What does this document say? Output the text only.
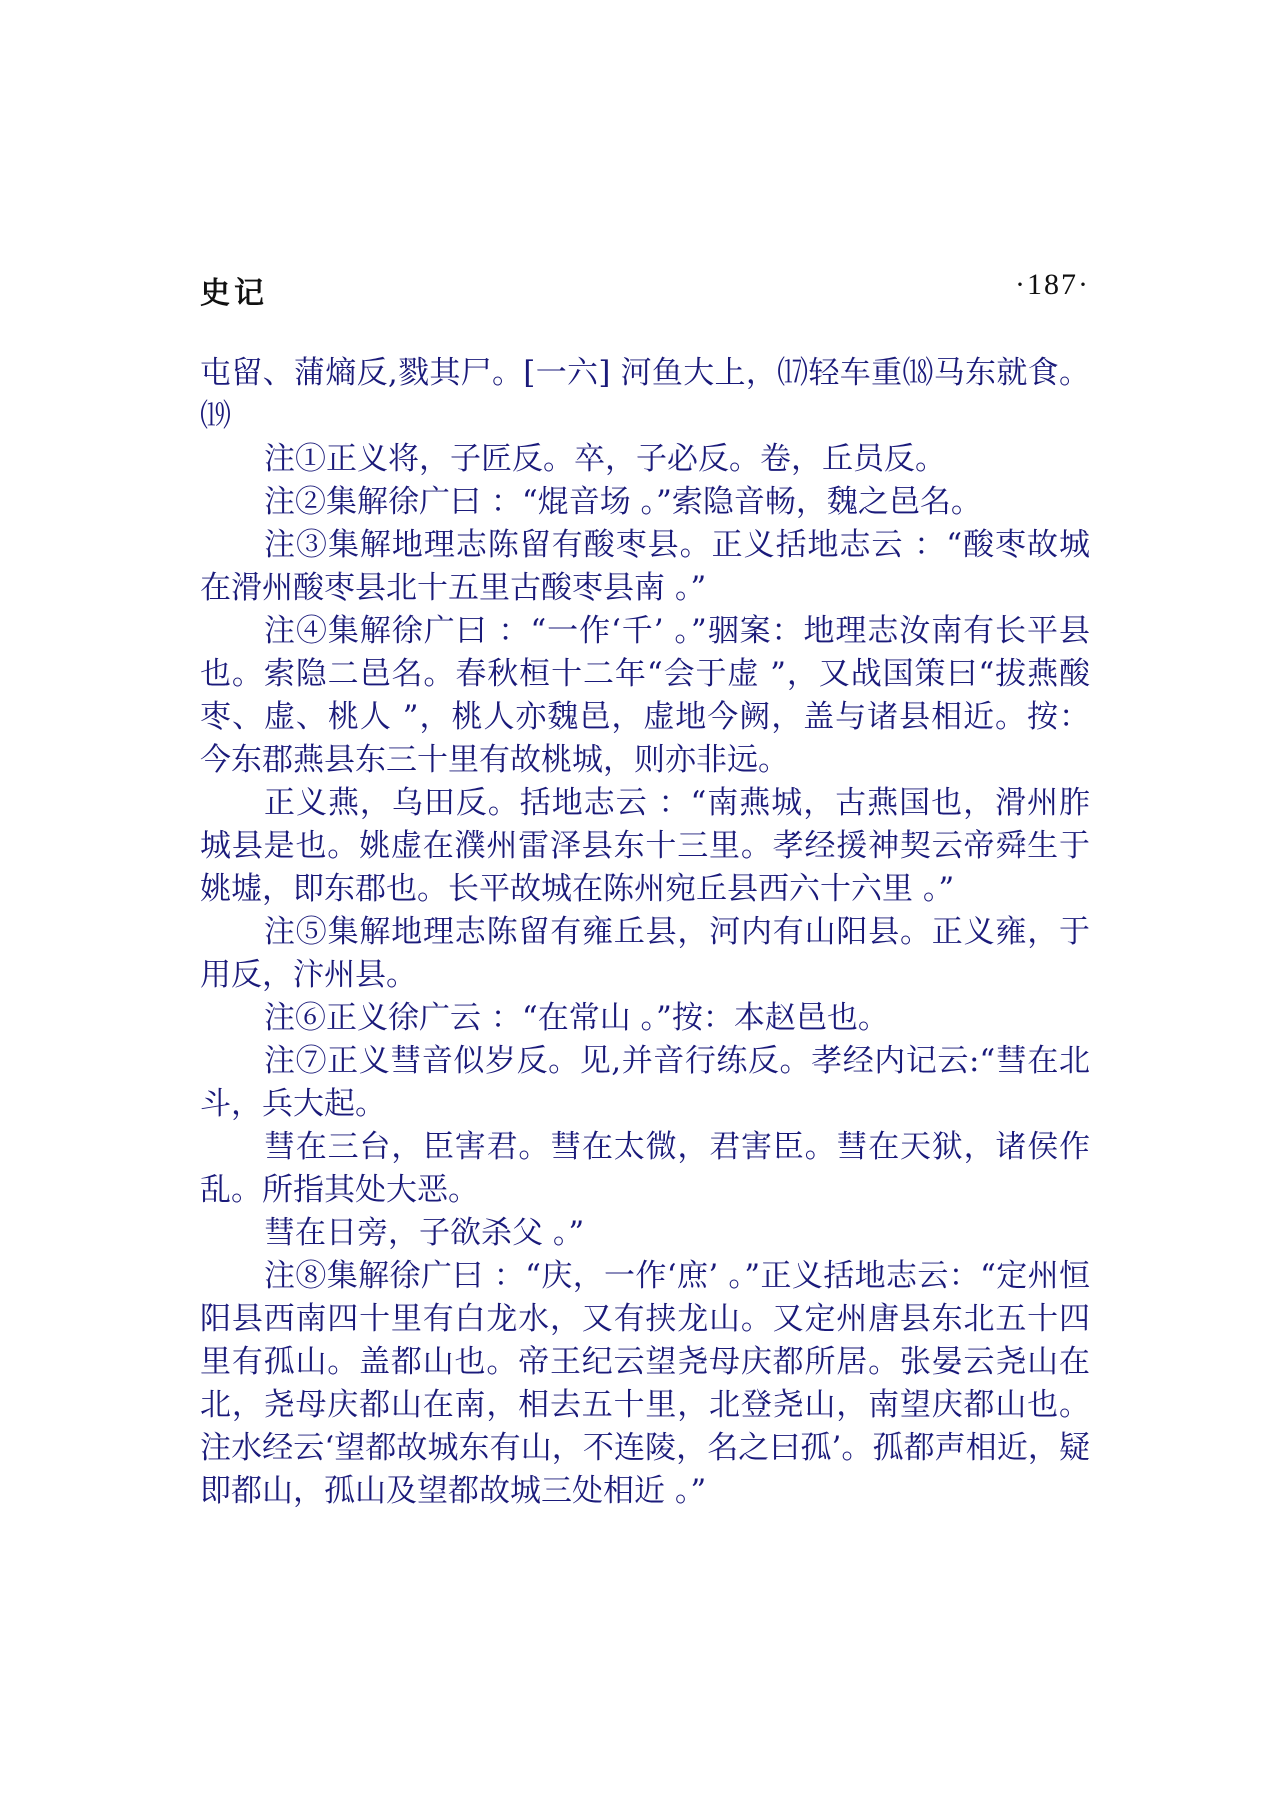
史记	·187·

屯留、蒲熵反,戮其尸。[一六] 河鱼大上，⒄轻车重⒅马东就食。⒆

注①正义将，子匠反。卒，子必反。卷，丘员反。

注②集解徐广曰 ：“焜音场 。”索隐音畅，魏之邑名。

注③集解地理志陈留有酸枣县。正义括地志云 ：“酸枣故城在滑州酸枣县北十五里古酸枣县南 。”

注④集解徐广曰 ：“一作‘千’ 。”骃案：地理志汝南有长平县也。索隐二邑名。春秋桓十二年“会于虚 ”，又战国策曰“拔燕酸枣、虚、桃人 ”，桃人亦魏邑，虚地今阙，盖与诸县相近。按：今东郡燕县东三十里有故桃城，则亦非远。

正义燕，乌田反。括地志云 ：“南燕城，古燕国也，滑州胙城县是也。姚虚在濮州雷泽县东十三里。孝经援神契云帝舜生于姚墟，即东郡也。长平故城在陈州宛丘县西六十六里 。”

注⑤集解地理志陈留有雍丘县，河内有山阳县。正义雍，于用反，汴州县。

注⑥正义徐广云 ：“在常山 。”按：本赵邑也。

注⑦正义彗音似岁反。见,并音行练反。孝经内记云:“彗在北斗，兵大起。

彗在三台，臣害君。彗在太微，君害臣。彗在天狱，诸侯作乱。所指其处大恶。

彗在日旁，子欲杀父 。”

注⑧集解徐广曰 ：“庆，一作‘庶’ 。”正义括地志云：“定州恒阳县西南四十里有白龙水，又有挟龙山。又定州唐县东北五十四里有孤山。盖都山也。帝王纪云望尧母庆都所居。张晏云尧山在北，尧母庆都山在南，相去五十里，北登尧山，南望庆都山也。注水经云‘望都故城东有山，不连陵，名之曰孤’。孤都声相近，疑即都山，孤山及望都故城三处相近 。”
